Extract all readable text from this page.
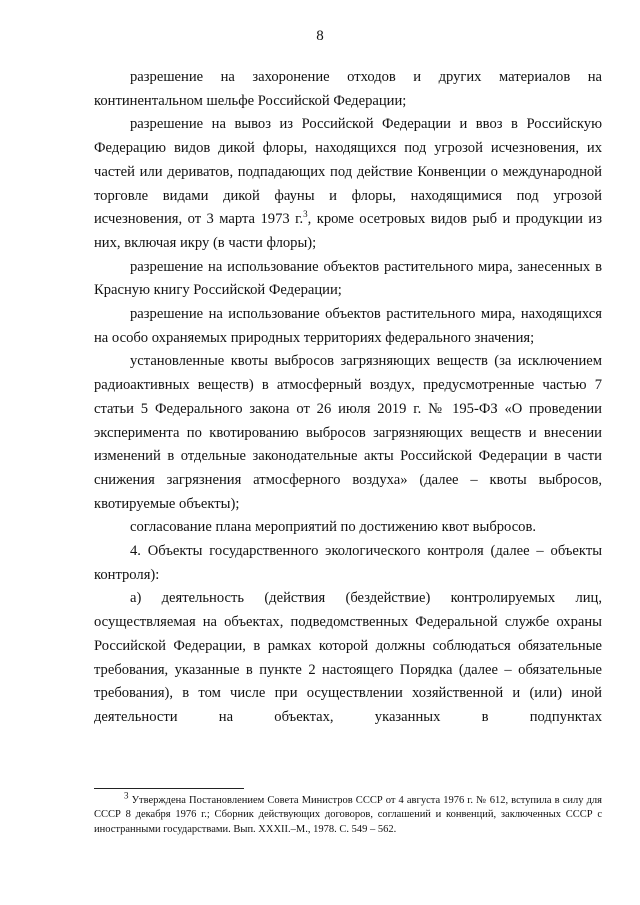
8

разрешение на захоронение отходов и других материалов на континентальном шельфе Российской Федерации;

разрешение на вывоз из Российской Федерации и ввоз в Российскую Федерацию видов дикой флоры, находящихся под угрозой исчезновения, их частей или дериватов, подпадающих под действие Конвенции о международной торговле видами дикой фауны и флоры, находящимися под угрозой исчезновения, от 3 марта 1973 г.$^3$, кроме осетровых видов рыб и продукции из них, включая икру (в части флоры);

разрешение на использование объектов растительного мира, занесенных в Красную книгу Российской Федерации;

разрешение на использование объектов растительного мира, находящихся на особо охраняемых природных территориях федерального значения;

установленные квоты выбросов загрязняющих веществ (за исключением радиоактивных веществ) в атмосферный воздух, предусмотренные частью 7 статьи 5 Федерального закона от 26 июля 2019 г. № 195-ФЗ «О проведении эксперимента по квотированию выбросов загрязняющих веществ и внесении изменений в отдельные законодательные акты Российской Федерации в части снижения загрязнения атмосферного воздуха» (далее – квоты выбросов, квотируемые объекты);

согласование плана мероприятий по достижению квот выбросов.

4. Объекты государственного экологического контроля (далее – объекты контроля):

а) деятельность (действия (бездействие) контролируемых лиц, осуществляемая на объектах, подведомственных Федеральной службе охраны Российской Федерации, в рамках которой должны соблюдаться обязательные требования, указанные в пункте 2 настоящего Порядка (далее – обязательные требования), в том числе при осуществлении хозяйственной и (или) иной деятельности на объектах, указанных в подпунктах

$^3$ Утверждена Постановлением Совета Министров СССР от 4 августа 1976 г. № 612, вступила в силу для СССР 8 декабря 1976 г.; Сборник действующих договоров, соглашений и конвенций, заключенных СССР с иностранными государствами. Вып. XXXII.–М., 1978. С. 549 – 562.
